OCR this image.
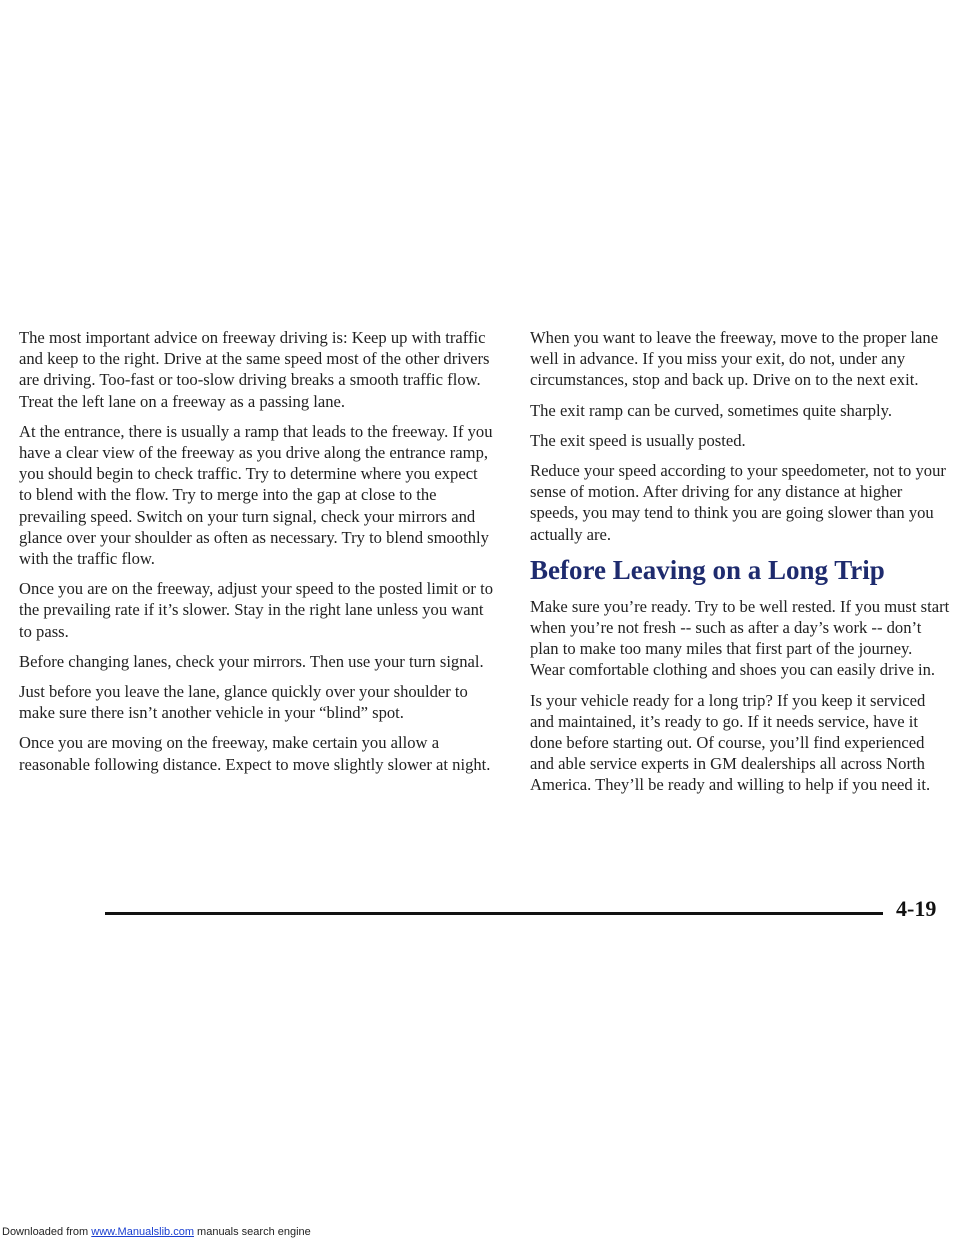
The most important advice on freeway driving is: Keep up with traffic and keep to the right. Drive at the same speed most of the other drivers are driving. Too-fast or too-slow driving breaks a smooth traffic flow. Treat the left lane on a freeway as a passing lane.

At the entrance, there is usually a ramp that leads to the freeway. If you have a clear view of the freeway as you drive along the entrance ramp, you should begin to check traffic. Try to determine where you expect to blend with the flow. Try to merge into the gap at close to the prevailing speed. Switch on your turn signal, check your mirrors and glance over your shoulder as often as necessary. Try to blend smoothly with the traffic flow.

Once you are on the freeway, adjust your speed to the posted limit or to the prevailing rate if it’s slower. Stay in the right lane unless you want to pass.

Before changing lanes, check your mirrors. Then use your turn signal.

Just before you leave the lane, glance quickly over your shoulder to make sure there isn’t another vehicle in your “blind” spot.

Once you are moving on the freeway, make certain you allow a reasonable following distance. Expect to move slightly slower at night.

When you want to leave the freeway, move to the proper lane well in advance. If you miss your exit, do not, under any circumstances, stop and back up. Drive on to the next exit.

The exit ramp can be curved, sometimes quite sharply.

The exit speed is usually posted.

Reduce your speed according to your speedometer, not to your sense of motion. After driving for any distance at higher speeds, you may tend to think you are going slower than you actually are.

Before Leaving on a Long Trip

Make sure you’re ready. Try to be well rested. If you must start when you’re not fresh -- such as after a day’s work -- don’t plan to make too many miles that first part of the journey. Wear comfortable clothing and shoes you can easily drive in.

Is your vehicle ready for a long trip? If you keep it serviced and maintained, it’s ready to go. If it needs service, have it done before starting out. Of course, you’ll find experienced and able service experts in GM dealerships all across North America. They’ll be ready and willing to help if you need it.

4-19
Downloaded from www.Manualslib.com manuals search engine
